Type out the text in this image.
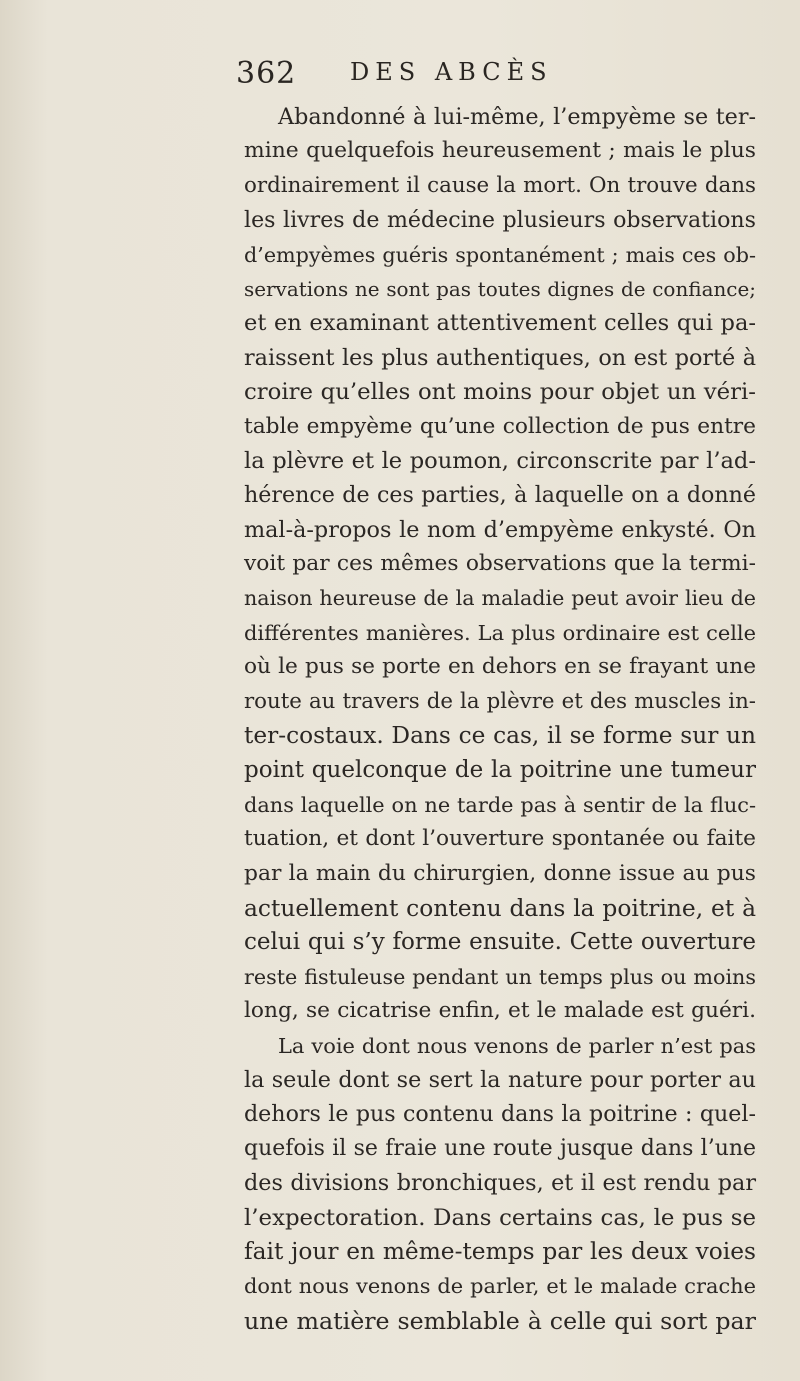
362 DES ABCÈS
Abandonné à lui-même, l’empyème se ter-
mine quelquefois heureusement ; mais le plus
ordinairement il cause la mort. On trouve dans
les livres de médecine plusieurs observations
d’empyèmes guéris spontanément ; mais ces ob-
servations ne sont pas toutes dignes de confiance;
et en examinant attentivement celles qui pa-
raissent les plus authentiques, on est porté à
croire qu’elles ont moins pour objet un véri-
table empyème qu’une collection de pus entre
la plèvre et le poumon, circonscrite par l’ad-
hérence de ces parties, à laquelle on a donné
mal-à-propos le nom d’empyème enkysté. On
voit par ces mêmes observations que la termi-
naison heureuse de la maladie peut avoir lieu de
différentes manières. La plus ordinaire est celle
où le pus se porte en dehors en se frayant une
route au travers de la plèvre et des muscles in-
ter-costaux. Dans ce cas, il se forme sur un
point quelconque de la poitrine une tumeur
dans laquelle on ne tarde pas à sentir de la fluc-
tuation, et dont l’ouverture spontanée ou faite
par la main du chirurgien, donne issue au pus
actuellement contenu dans la poitrine, et à
celui qui s’y forme ensuite. Cette ouverture
reste fistuleuse pendant un temps plus ou moins
long, se cicatrise enfin, et le malade est guéri.
La voie dont nous venons de parler n’est pas
la seule dont se sert la nature pour porter au
dehors le pus contenu dans la poitrine : quel-
quefois il se fraie une route jusque dans l’une
des divisions bronchiques, et il est rendu par
l’expectoration. Dans certains cas, le pus se
fait jour en même-temps par les deux voies
dont nous venons de parler, et le malade crache
une matière semblable à celle qui sort par
